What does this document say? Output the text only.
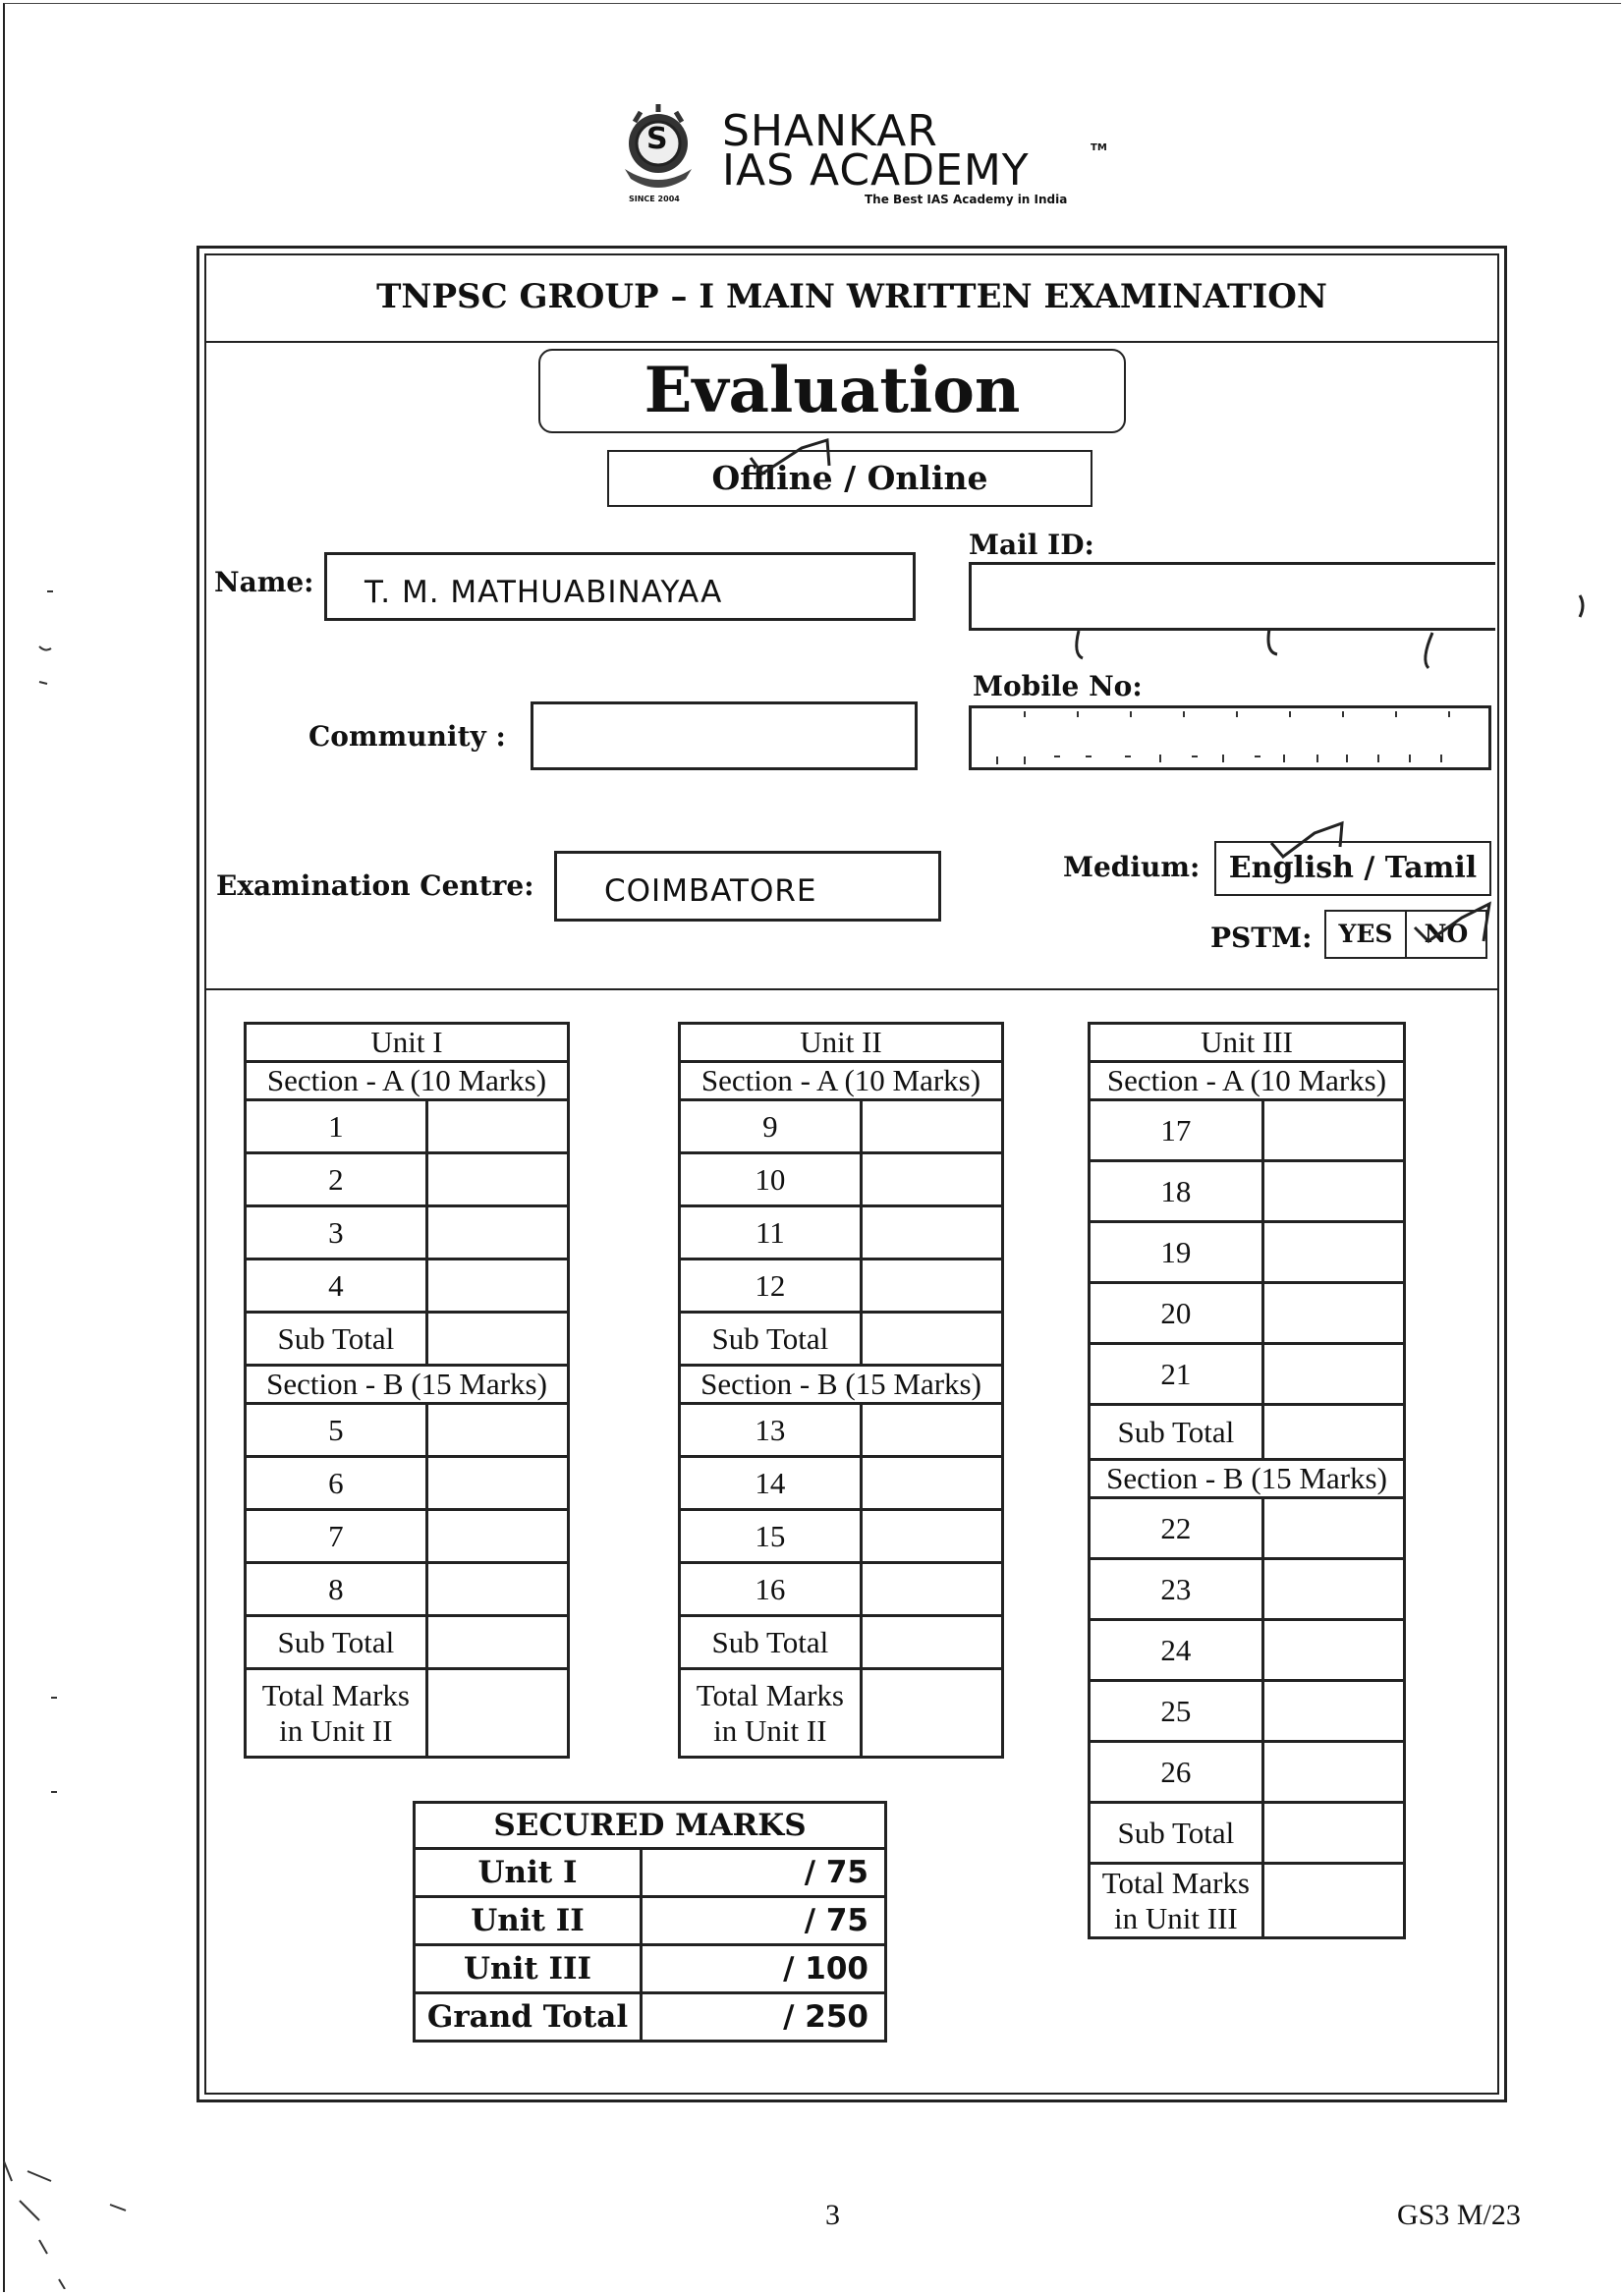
S SHANKAR
IAS ACADEMY	TM
The Best IAS Academy in India
SINCE 2004
TNPSC GROUP – I MAIN WRITTEN EXAMINATION
Evaluation
Offline / Online
Name:	T. M. MATHUABINAYAA
Mail ID:
Community :
Mobile No:
Examination Centre:	COIMBATORE
Medium: English / Tamil
PSTM:	YES	NO
Unit I	
Section - A (10 Marks)	
1	
2	
3	
4	
Sub Total	
Section - B (15 Marks)	
5	
6	
7	
8	
Sub Total	
Total Marks
in Unit II	
Unit II	
Section - A (10 Marks)	
9	
10	
11	
12	
Sub Total	
Section - B (15 Marks)	
13	
14	
15	
16	
Sub Total	
Total Marks
in Unit II	
Unit III	
Section - A (10 Marks)	
17	
18	
19	
20	
21	
Sub Total	
Section - B (15 Marks)	
22	
23	
24	
25	
26	
Sub Total	
Total Marks
in Unit III	
SECURED MARKS	
Unit I	/ 75
Unit II	/ 75
Unit III	/ 100
Grand Total	/ 250
3	GS3 M/23
